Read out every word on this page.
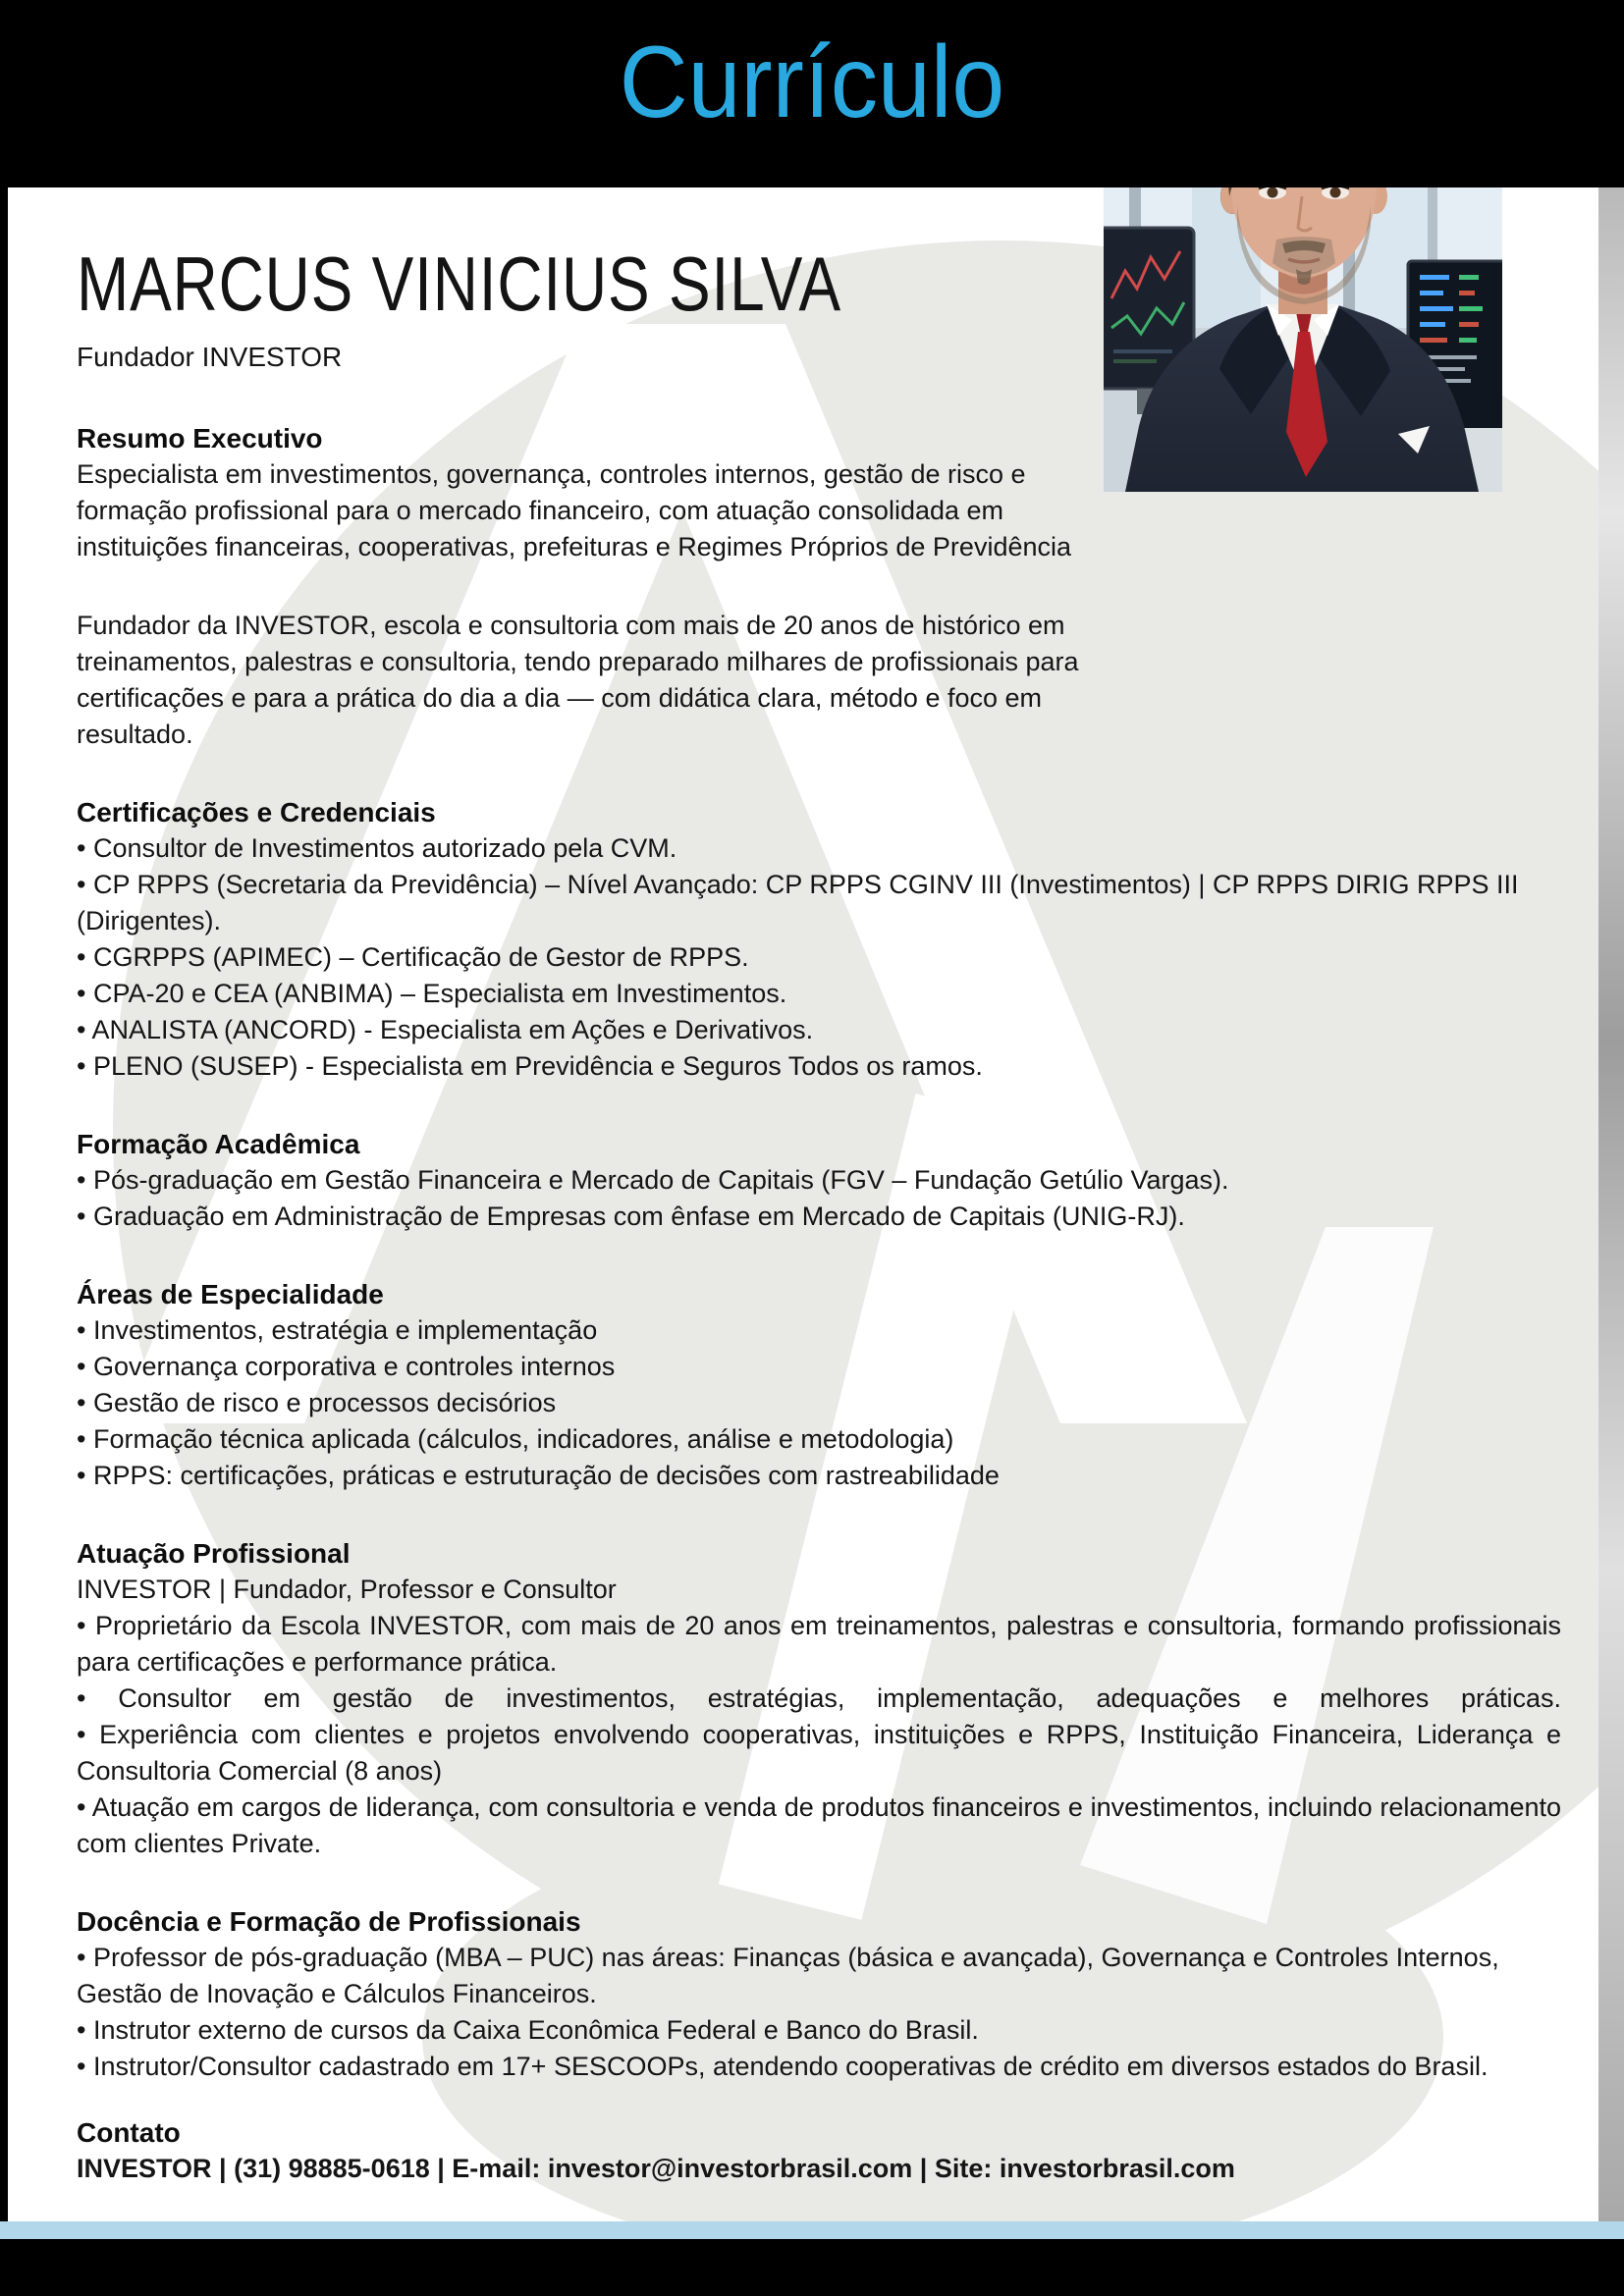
Currículo
MARCUS VINICIUS SILVA
Fundador INVESTOR
Resumo Executivo

Especialista em investimentos, governança, controles internos, gestão de risco e formação profissional para o mercado financeiro, com atuação consolidada em instituições financeiras, cooperativas, prefeituras e Regimes Próprios de Previdência

Fundador da INVESTOR, escola e consultoria com mais de 20 anos de histórico em treinamentos, palestras e consultoria, tendo preparado milhares de profissionais para certificações e para a prática do dia a dia — com didática clara, método e foco em resultado.

Certificações e Credenciais

• Consultor de Investimentos autorizado pela CVM.

• CP RPPS (Secretaria da Previdência) – Nível Avançado: CP RPPS CGINV III (Investimentos) | CP RPPS DIRIG RPPS III (Dirigentes).

• CGRPPS (APIMEC) – Certificação de Gestor de RPPS.

• CPA-20 e CEA (ANBIMA) – Especialista em Investimentos.

• ANALISTA (ANCORD) - Especialista em Ações e Derivativos.

• PLENO (SUSEP) - Especialista em Previdência e Seguros Todos os ramos.

Formação Acadêmica

• Pós-graduação em Gestão Financeira e Mercado de Capitais (FGV – Fundação Getúlio Vargas).

• Graduação em Administração de Empresas com ênfase em Mercado de Capitais (UNIG-RJ).

Áreas de Especialidade

• Investimentos, estratégia e implementação

• Governança corporativa e controles internos

• Gestão de risco e processos decisórios

• Formação técnica aplicada (cálculos, indicadores, análise e metodologia)

• RPPS: certificações, práticas e estruturação de decisões com rastreabilidade

Atuação Profissional

INVESTOR | Fundador, Professor e Consultor

• Proprietário da Escola INVESTOR, com mais de 20 anos em treinamentos, palestras e consultoria, formando profissionais para certificações e performance prática.

• Consultor em gestão de investimentos, estratégias, implementação, adequações e melhores práticas.

• Experiência com clientes e projetos envolvendo cooperativas, instituições e RPPS, Instituição Financeira, Liderança e Consultoria Comercial (8 anos)

• Atuação em cargos de liderança, com consultoria e venda de produtos financeiros e investimentos, incluindo relacionamento com clientes Private.

Docência e Formação de Profissionais

• Professor de pós-graduação (MBA – PUC) nas áreas: Finanças (básica e avançada), Governança e Controles Internos, Gestão de Inovação e Cálculos Financeiros.

• Instrutor externo de cursos da Caixa Econômica Federal e Banco do Brasil.

• Instrutor/Consultor cadastrado em 17+ SESCOOPs, atendendo cooperativas de crédito em diversos estados do Brasil.

Contato

INVESTOR | (31) 98885-0618 | E-mail: investor@investorbrasil.com | Site: investorbrasil.com
